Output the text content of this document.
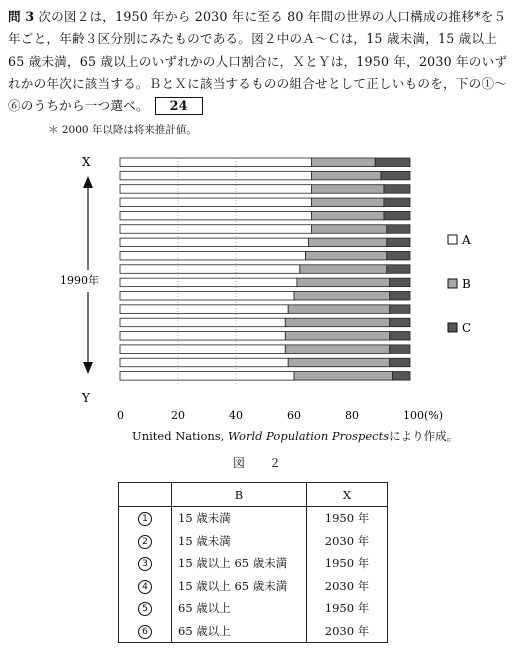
問 3 次の図２は，1950 年から 2030 年に至る 80 年間の世界の人口構成の推移*を５年ごと，年齢３区分別にみたものである。図２中のＡ～Ｃは，15 歳未満，15 歳以上 65 歳未満，65 歳以上のいずれかの人口割合に，ＸとＹは，1950 年，2030 年のいずれかの年次に該当する。ＢとＸに該当するものの組合せとして正しいものを，下の①～⑥のうちから一つ選べ。 24
＊ 2000 年以降は将来推計値。
0	20	40	60	80	100(%)
X
Y
1990年
A
B
C
United Nations, World Population Prospectsにより作成。
図　２
	B	X
1	15 歳未満	1950 年
2	15 歳未満	2030 年
3	15 歳以上 65 歳未満	1950 年
4	15 歳以上 65 歳未満	2030 年
5	65 歳以上	1950 年
6	65 歳以上	2030 年
